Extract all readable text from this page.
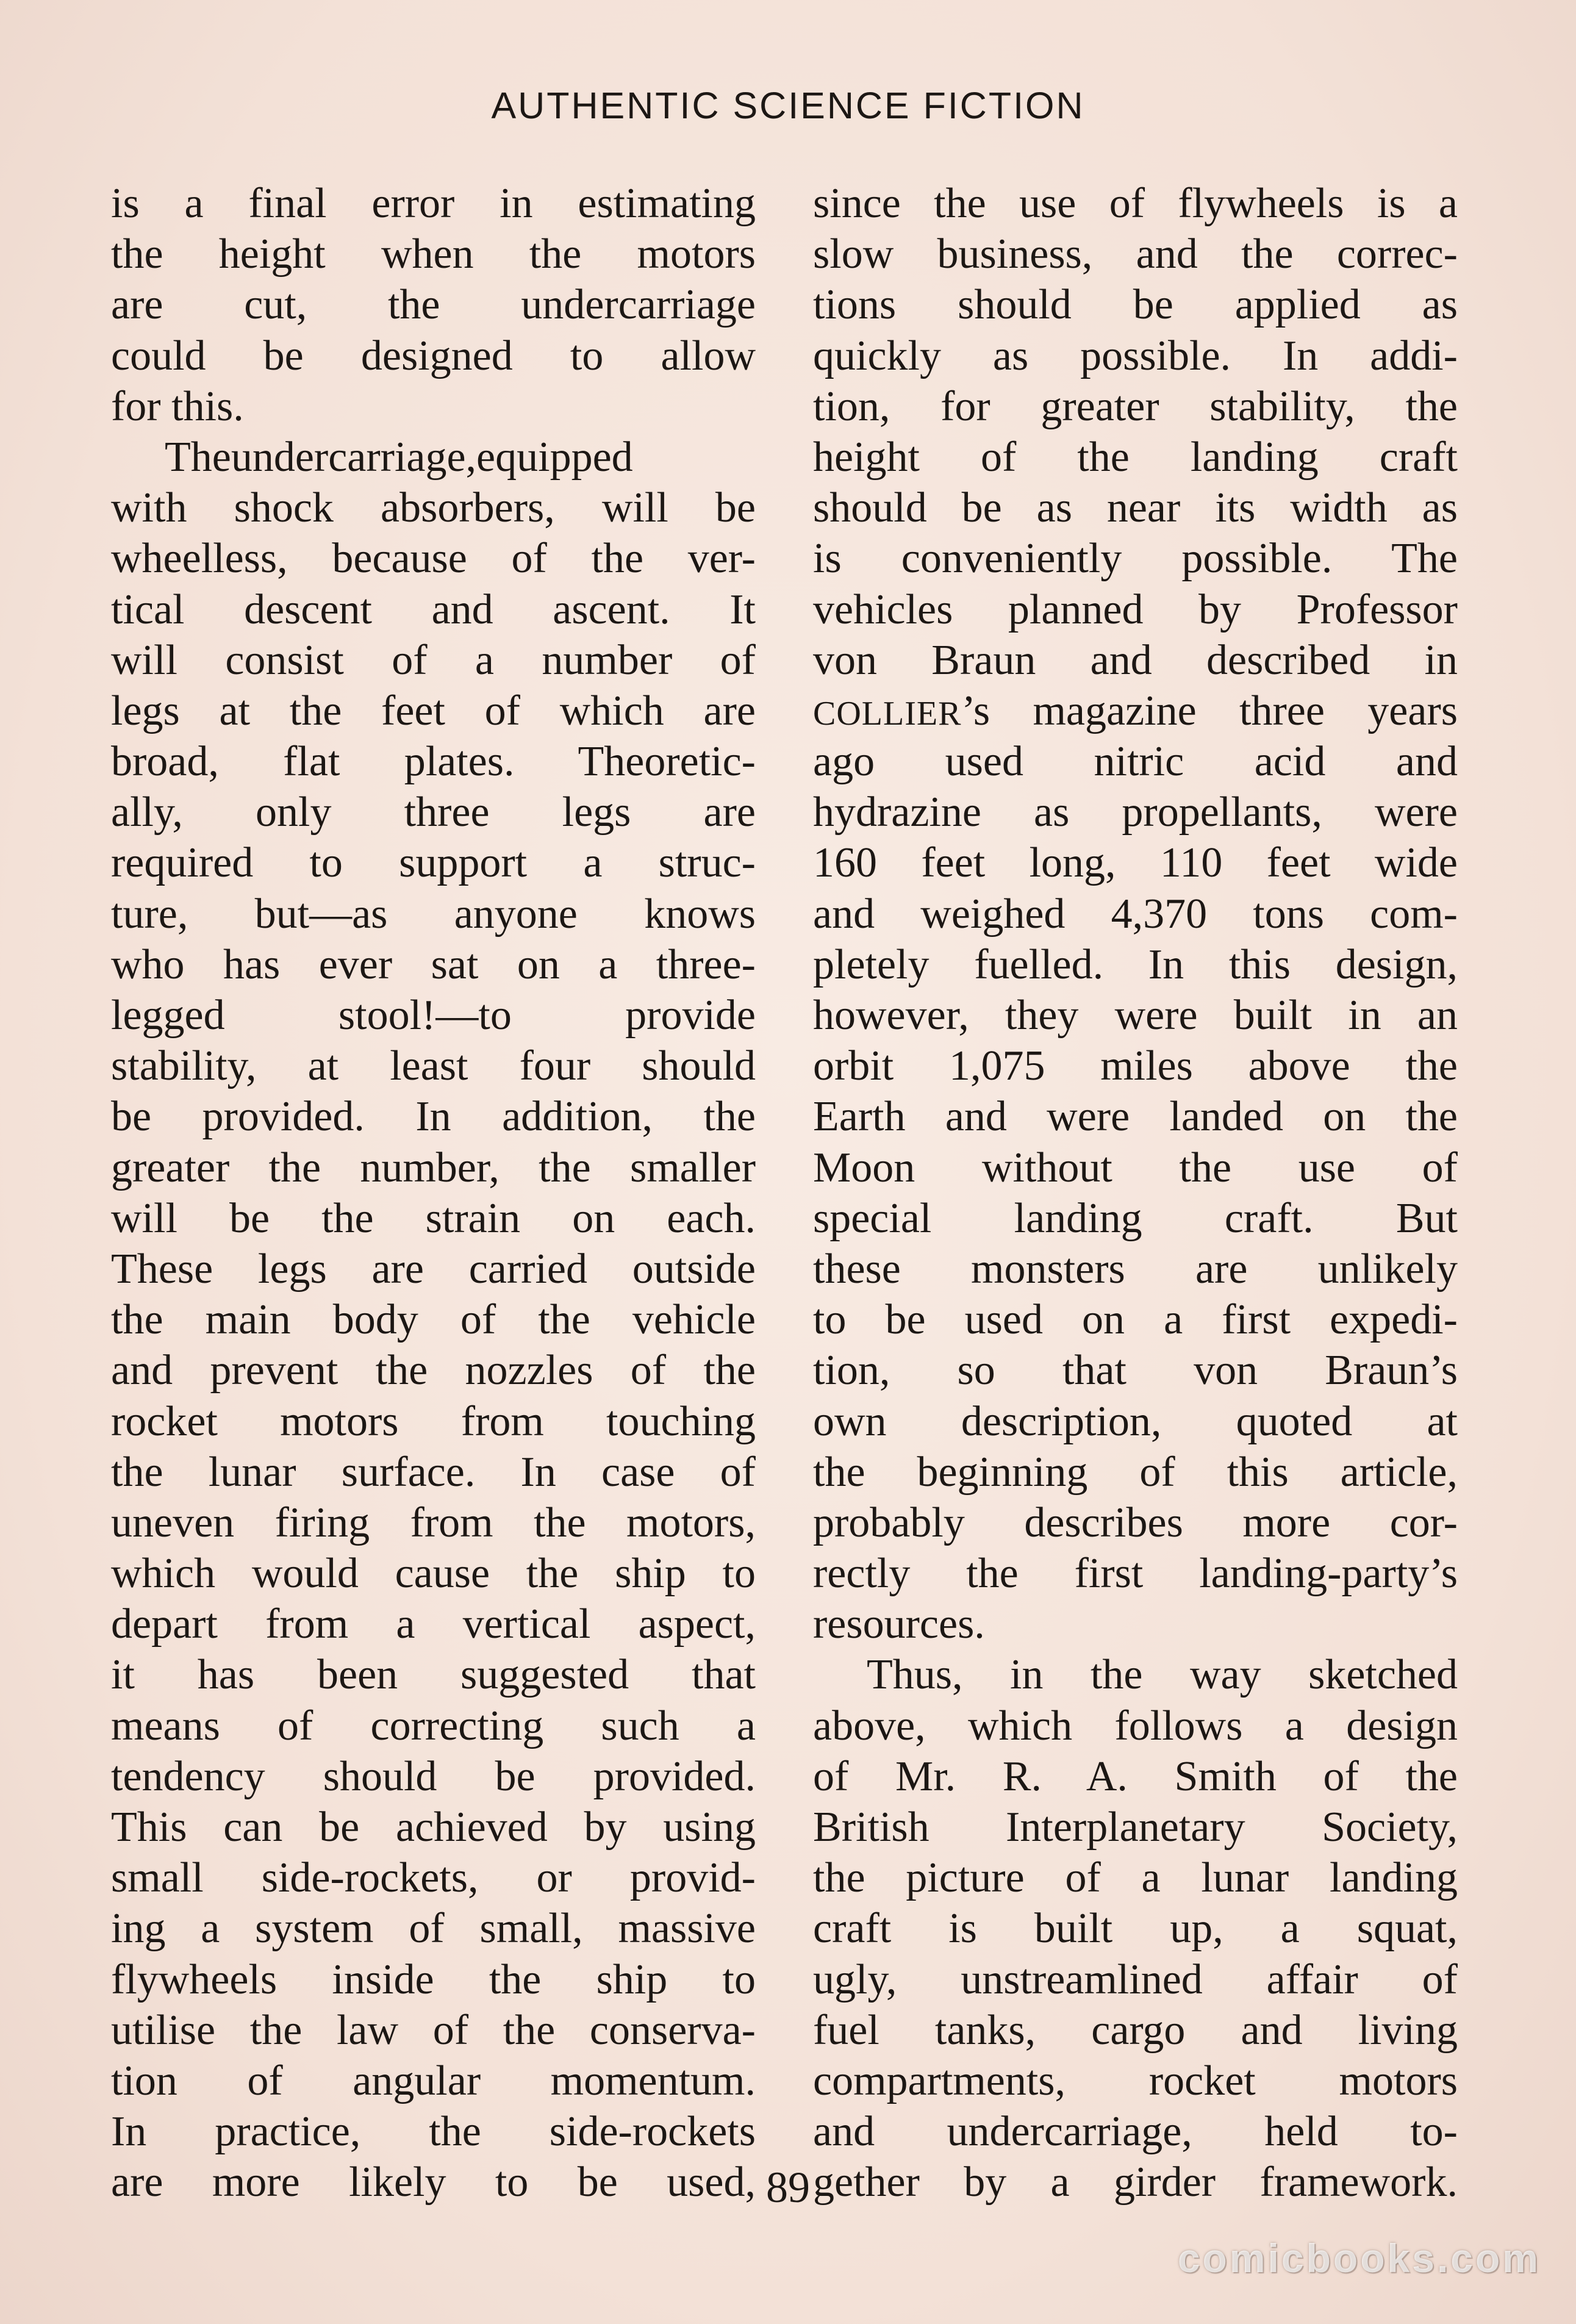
AUTHENTIC SCIENCE FICTION
is a final error in estimating
the height when the motors
are cut, the undercarriage
could be designed to allow
for this.
Theundercarriage,equipped
with shock absorbers, will be
wheelless, because of the ver-
tical descent and ascent. It
will consist of a number of
legs at the feet of which are
broad, flat plates. Theoretic-
ally, only three legs are
required to support a struc-
ture, but—as anyone knows
who has ever sat on a three-
legged stool!—to provide
stability, at least four should
be provided. In addition, the
greater the number, the smaller
will be the strain on each.
These legs are carried outside
the main body of the vehicle
and prevent the nozzles of the
rocket motors from touching
the lunar surface. In case of
uneven firing from the motors,
which would cause the ship to
depart from a vertical aspect,
it has been suggested that
means of correcting such a
tendency should be provided.
This can be achieved by using
small side-rockets, or provid-
ing a system of small, massive
flywheels inside the ship to
utilise the law of the conserva-
tion of angular momentum.
In practice, the side-rockets
are more likely to be used,
since the use of flywheels is a
slow business, and the correc-
tions should be applied as
quickly as possible. In addi-
tion, for greater stability, the
height of the landing craft
should be as near its width as
is conveniently possible. The
vehicles planned by Professor
von Braun and described in
COLLIER’s magazine three years
ago used nitric acid and
hydrazine as propellants, were
160 feet long, 110 feet wide
and weighed 4,370 tons com-
pletely fuelled. In this design,
however, they were built in an
orbit 1,075 miles above the
Earth and were landed on the
Moon without the use of
special landing craft. But
these monsters are unlikely
to be used on a first expedi-
tion, so that von Braun’s
own description, quoted at
the beginning of this article,
probably describes more cor-
rectly the first landing-party’s
resources.
Thus, in the way sketched
above, which follows a design
of Mr. R. A. Smith of the
British Interplanetary Society,
the picture of a lunar landing
craft is built up, a squat,
ugly, unstreamlined affair of
fuel tanks, cargo and living
compartments, rocket motors
and undercarriage, held to-
gether by a girder framework.
89
comicbooks.com
